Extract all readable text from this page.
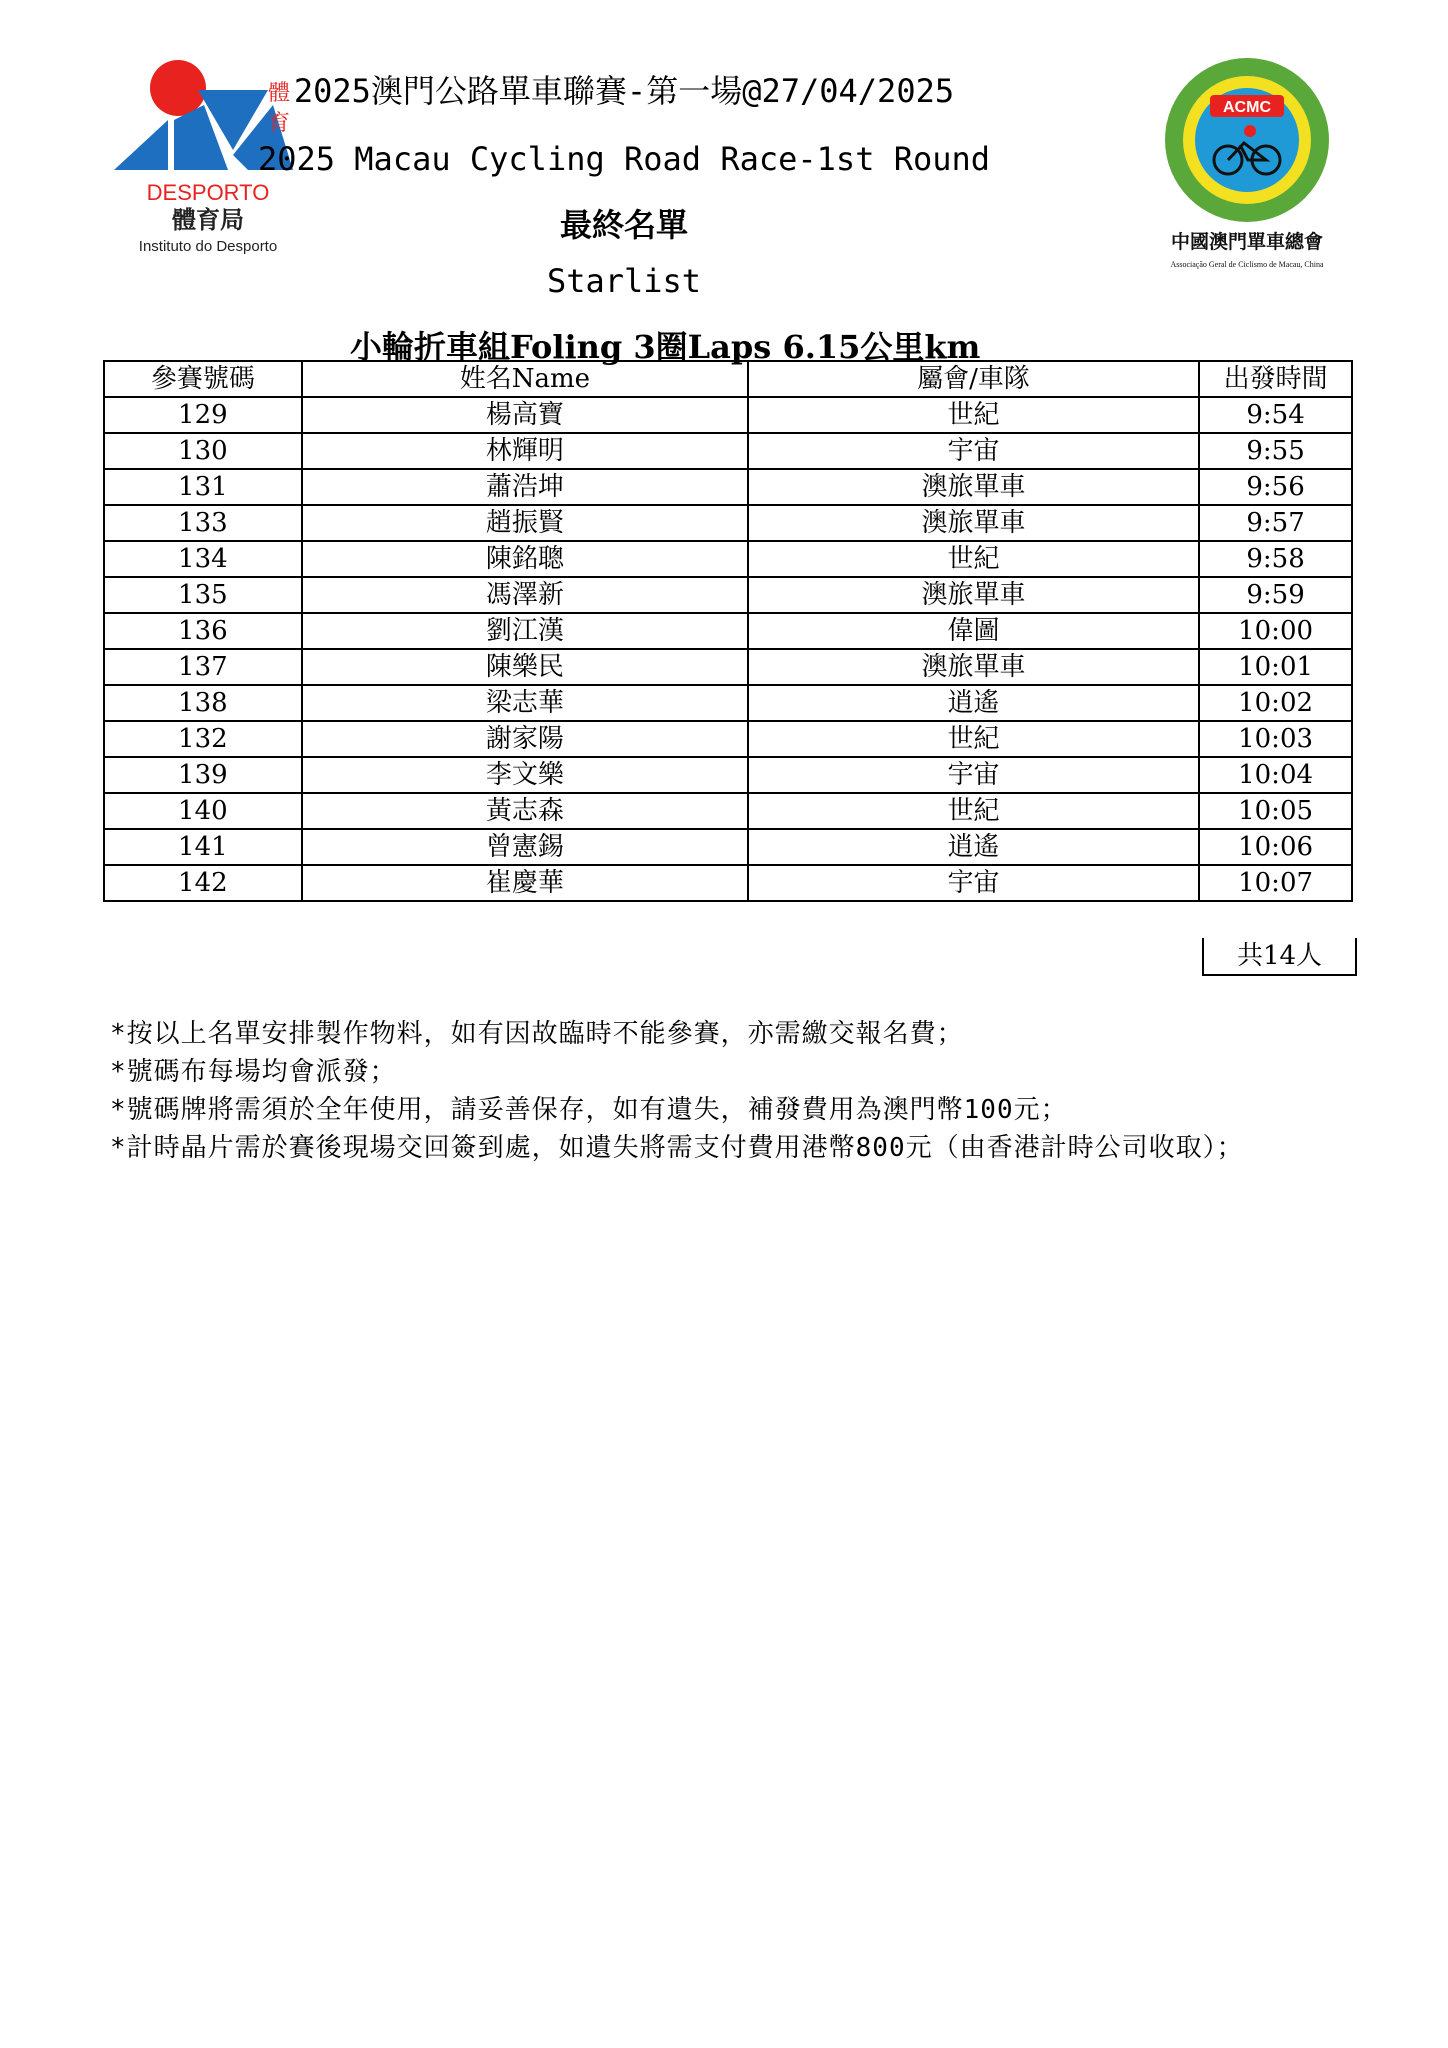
體
育
DESPORTO
體育局
Instituto do Desporto
ACMC
中國澳門單車總會
Associação Geral de Ciclismo de Macau, China
2025澳門公路單車聯賽-第一場@27/04/2025
2025 Macau Cycling Road Race-1st Round
最終名單
Starlist
小輪折車組Foling 3圈Laps 6.15公里km
參賽號碼	姓名Name	屬會/車隊	出發時間
129	楊高寶	世紀	9:54
130	林輝明	宇宙	9:55
131	蕭浩坤	澳旅單車	9:56
133	趙振賢	澳旅單車	9:57
134	陳銘聰	世紀	9:58
135	馮澤新	澳旅單車	9:59
136	劉江漢	偉圖	10:00
137	陳樂民	澳旅單車	10:01
138	梁志華	逍遙	10:02
132	謝家陽	世紀	10:03
139	李文樂	宇宙	10:04
140	黃志森	世紀	10:05
141	曾憲錫	逍遙	10:06
142	崔慶華	宇宙	10:07
共14人
*按以上名單安排製作物料，如有因故臨時不能參賽，亦需繳交報名費；
*號碼布每場均會派發；
*號碼牌將需須於全年使用，請妥善保存，如有遺失，補發費用為澳門幣100元；
*計時晶片需於賽後現場交回簽到處，如遺失將需支付費用港幣800元（由香港計時公司收取）；
